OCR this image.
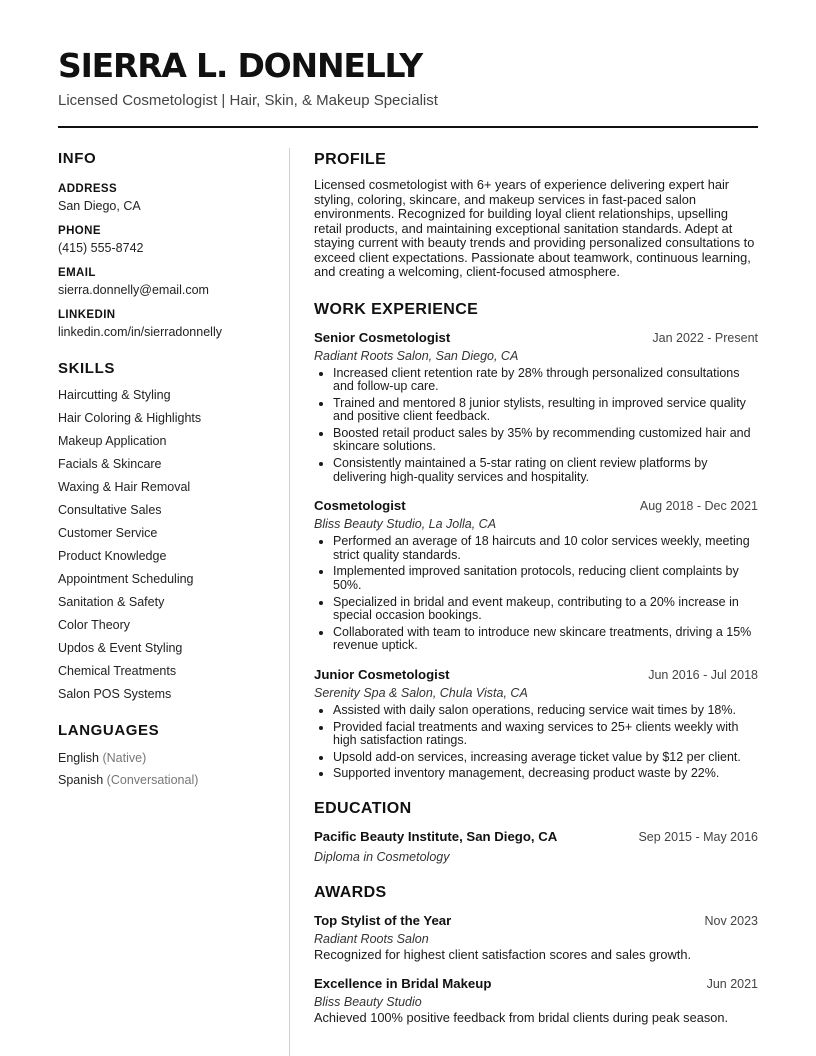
SIERRA L. DONNELLY
Licensed Cosmetologist | Hair, Skin, & Makeup Specialist
INFO
ADDRESS
San Diego, CA
PHONE
(415) 555-8742
EMAIL
sierra.donnelly@email.com
LINKEDIN
linkedin.com/in/sierradonnelly
SKILLS
Haircutting & Styling
Hair Coloring & Highlights
Makeup Application
Facials & Skincare
Waxing & Hair Removal
Consultative Sales
Customer Service
Product Knowledge
Appointment Scheduling
Sanitation & Safety
Color Theory
Updos & Event Styling
Chemical Treatments
Salon POS Systems
LANGUAGES
English (Native)
Spanish (Conversational)
PROFILE
Licensed cosmetologist with 6+ years of experience delivering expert hair styling, coloring, skincare, and makeup services in fast-paced salon environments. Recognized for building loyal client relationships, upselling retail products, and maintaining exceptional sanitation standards. Adept at staying current with beauty trends and providing personalized consultations to exceed client expectations. Passionate about teamwork, continuous learning, and creating a welcoming, client-focused atmosphere.
WORK EXPERIENCE
Senior Cosmetologist	Jan 2022 - Present
Radiant Roots Salon, San Diego, CA
• Increased client retention rate by 28% through personalized consultations and follow-up care.
• Trained and mentored 8 junior stylists, resulting in improved service quality and positive client feedback.
• Boosted retail product sales by 35% by recommending customized hair and skincare solutions.
• Consistently maintained a 5-star rating on client review platforms by delivering high-quality services and hospitality.
Cosmetologist	Aug 2018 - Dec 2021
Bliss Beauty Studio, La Jolla, CA
• Performed an average of 18 haircuts and 10 color services weekly, meeting strict quality standards.
• Implemented improved sanitation protocols, reducing client complaints by 50%.
• Specialized in bridal and event makeup, contributing to a 20% increase in special occasion bookings.
• Collaborated with team to introduce new skincare treatments, driving a 15% revenue uptick.
Junior Cosmetologist	Jun 2016 - Jul 2018
Serenity Spa & Salon, Chula Vista, CA
• Assisted with daily salon operations, reducing service wait times by 18%.
• Provided facial treatments and waxing services to 25+ clients weekly with high satisfaction ratings.
• Upsold add-on services, increasing average ticket value by $12 per client.
• Supported inventory management, decreasing product waste by 22%.
EDUCATION
Pacific Beauty Institute, San Diego, CA	Sep 2015 - May 2016
Diploma in Cosmetology
AWARDS
Top Stylist of the Year	Nov 2023
Radiant Roots Salon
Recognized for highest client satisfaction scores and sales growth.
Excellence in Bridal Makeup	Jun 2021
Bliss Beauty Studio
Achieved 100% positive feedback from bridal clients during peak season.
